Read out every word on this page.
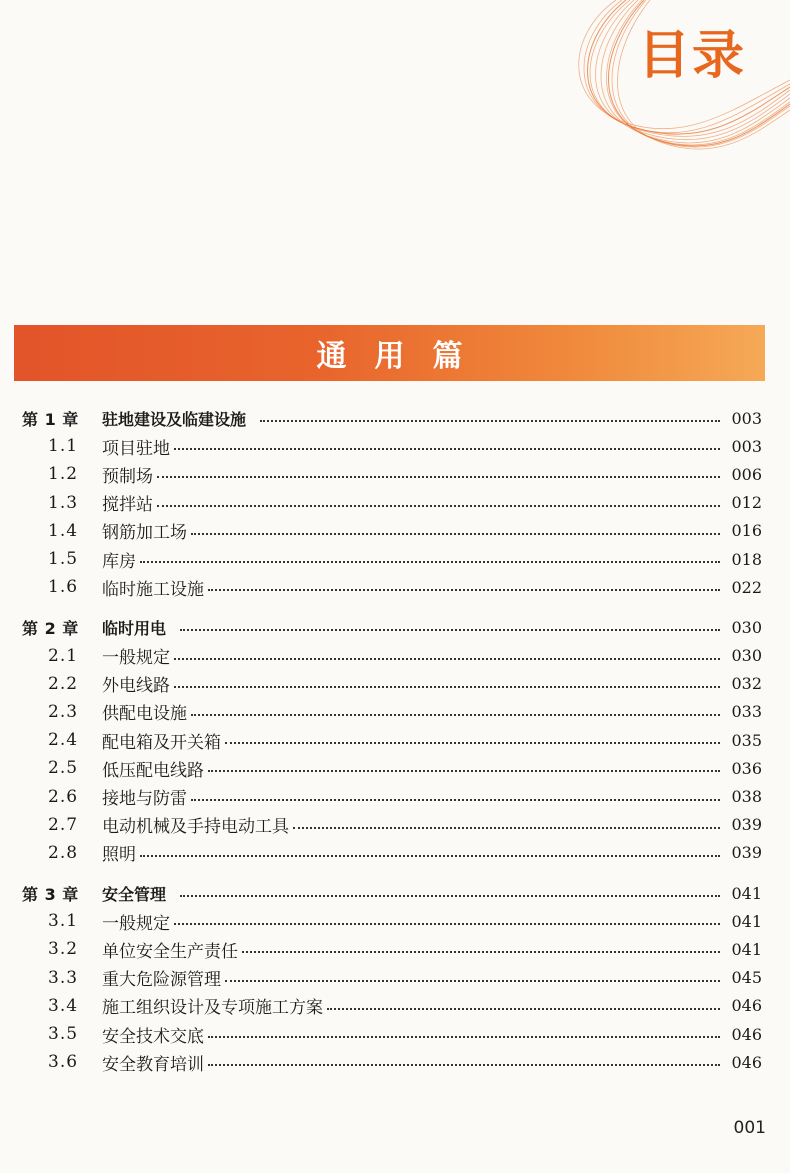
目录
通用篇
第 1 章	驻地建设及临建设施	003
1.1	项目驻地	003
1.2	预制场	006
1.3	搅拌站	012
1.4	钢筋加工场	016
1.5	库房	018
1.6	临时施工设施	022
第 2 章	临时用电	030
2.1	一般规定	030
2.2	外电线路	032
2.3	供配电设施	033
2.4	配电箱及开关箱	035
2.5	低压配电线路	036
2.6	接地与防雷	038
2.7	电动机械及手持电动工具	039
2.8	照明	039
第 3 章	安全管理	041
3.1	一般规定	041
3.2	单位安全生产责任	041
3.3	重大危险源管理	045
3.4	施工组织设计及专项施工方案	046
3.5	安全技术交底	046
3.6	安全教育培训	046
001
